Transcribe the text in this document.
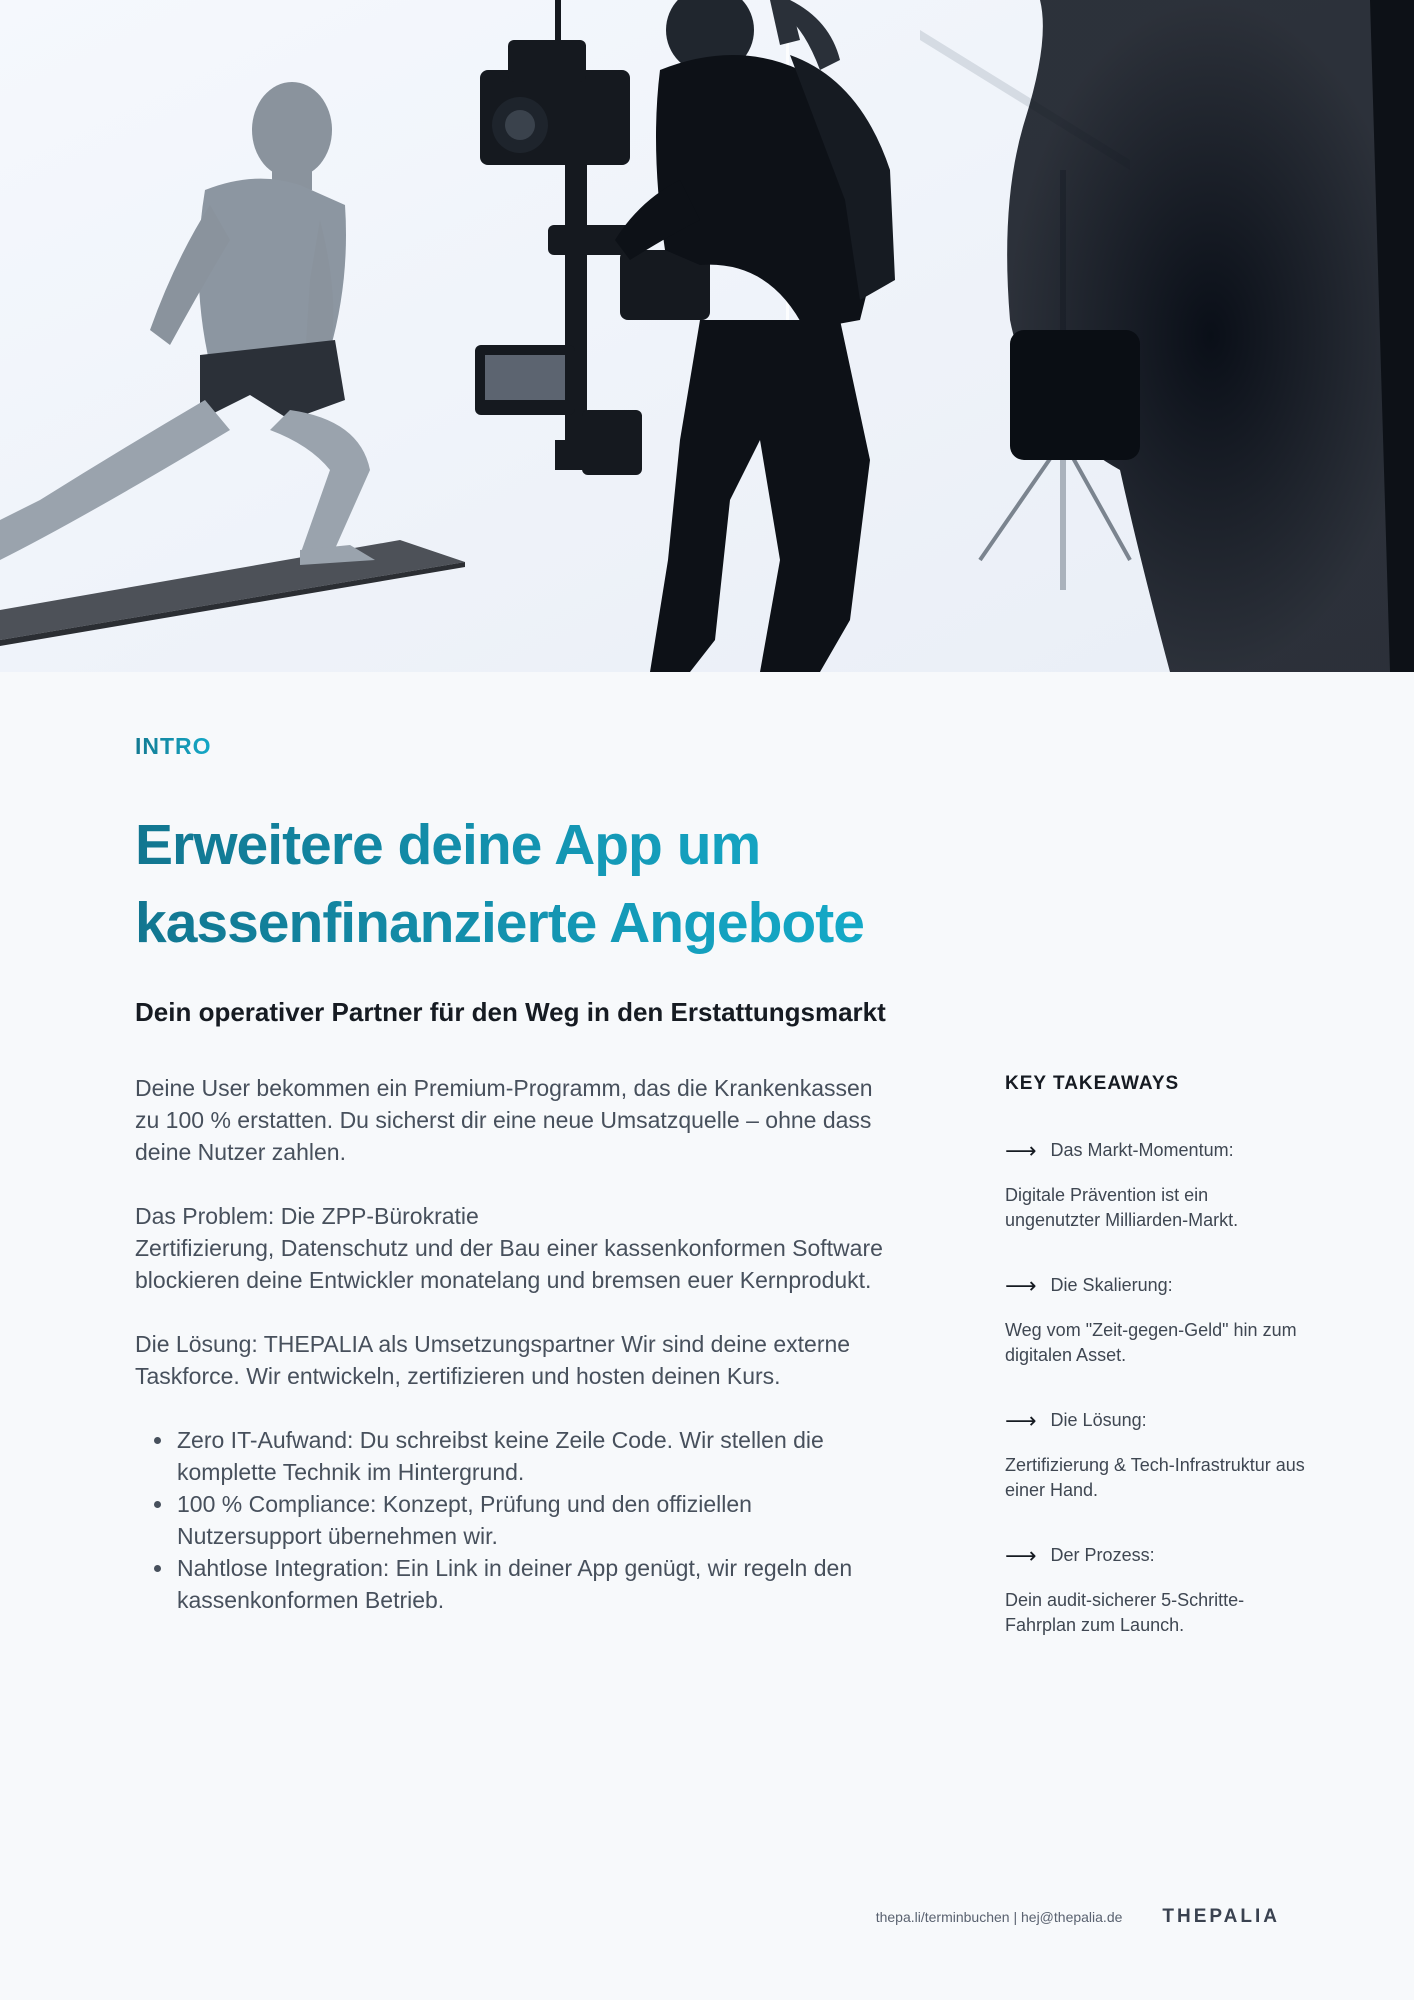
INTRO
Erweitere deine App um kassenfinanzierte Angebote
Dein operativer Partner für den Weg in den Erstattungsmarkt

Deine User bekommen ein Premium-Programm, das die Krankenkassen zu 100 % erstatten. Du sicherst dir eine neue Umsatzquelle – ohne dass deine Nutzer zahlen.

Das Problem: Die ZPP-Bürokratie
Zertifizierung, Datenschutz und der Bau einer kassenkonformen Software blockieren deine Entwickler monatelang und bremsen euer Kernprodukt.

Die Lösung: THEPALIA als Umsetzungspartner Wir sind deine externe Taskforce. Wir entwickeln, zertifizieren und hosten deinen Kurs.

• Zero IT-Aufwand: Du schreibst keine Zeile Code. Wir stellen die komplette Technik im Hintergrund.
• 100 % Compliance: Konzept, Prüfung und den offiziellen Nutzersupport übernehmen wir.
• Nahtlose Integration: Ein Link in deiner App genügt, wir regeln den kassenkonformen Betrieb.
KEY TAKEAWAYS
⟶ Das Markt-Momentum:
Digitale Prävention ist ein ungenutzter Milliarden-Markt.
⟶ Die Skalierung:
Weg vom "Zeit-gegen-Geld" hin zum digitalen Asset.
⟶ Die Lösung:
Zertifizierung & Tech-Infrastruktur aus einer Hand.
⟶ Der Prozess:
Dein audit-sicherer 5-Schritte-Fahrplan zum Launch.
thepa.li/terminbuchen | hej@thepalia.de THEPALIA
